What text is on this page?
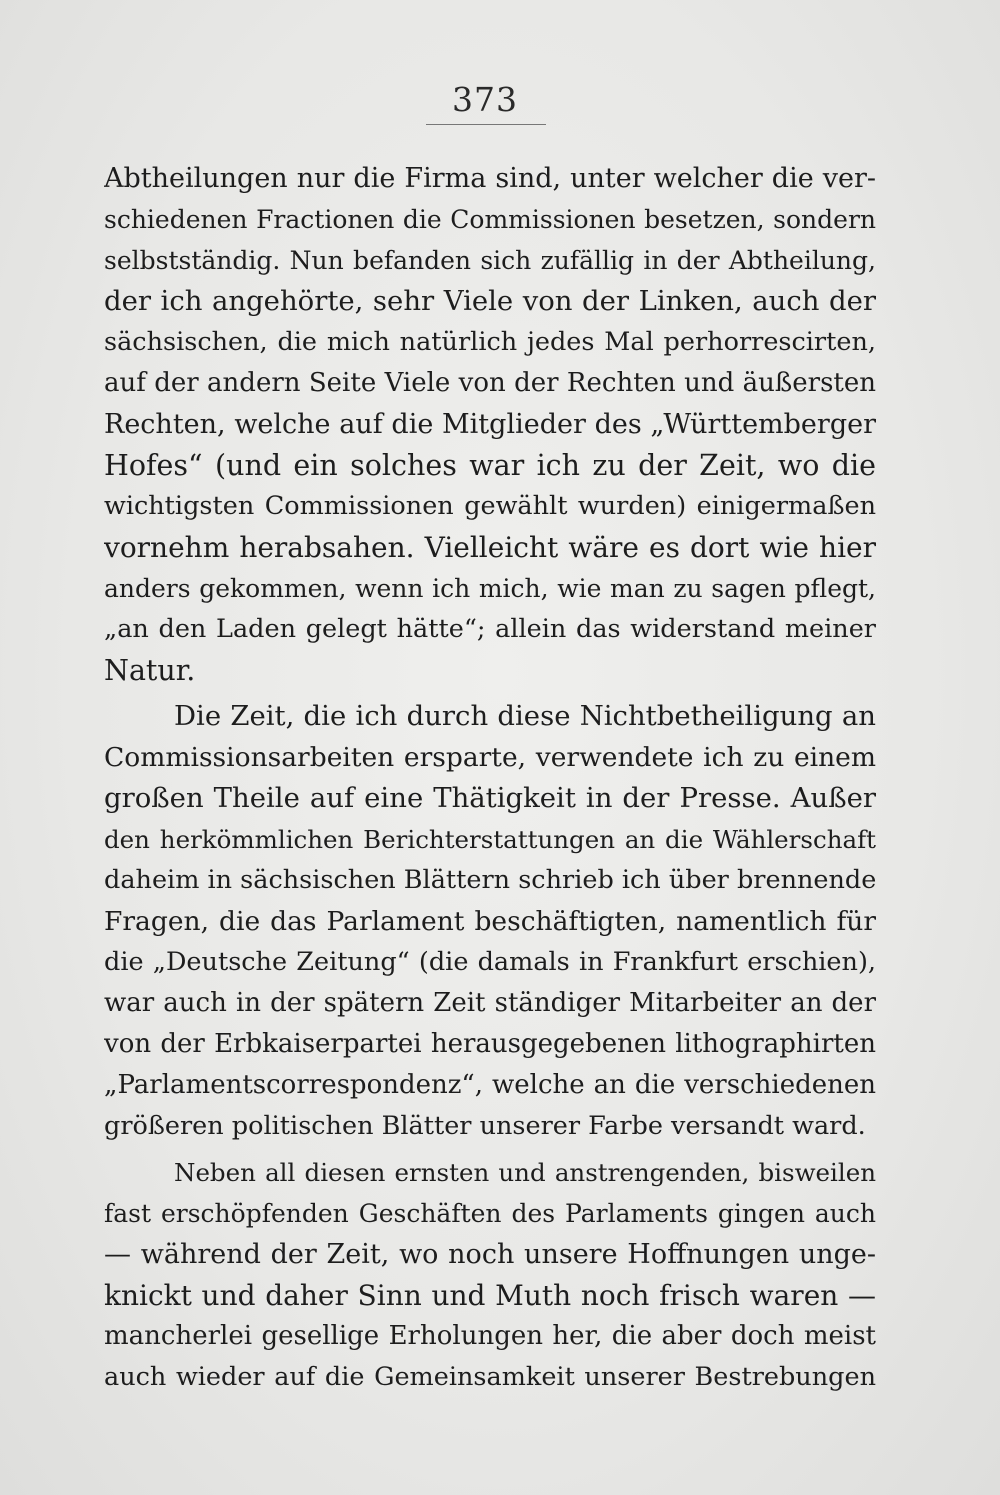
373
Abtheilungen nur die Firma sind, unter welcher die ver-
schiedenen Fractionen die Commissionen besetzen, sondern
selbstständig. Nun befanden sich zufällig in der Abtheilung,
der ich angehörte, sehr Viele von der Linken, auch der
sächsischen, die mich natürlich jedes Mal perhorrescirten,
auf der andern Seite Viele von der Rechten und äußersten
Rechten, welche auf die Mitglieder des „Württemberger
Hofes“ (und ein solches war ich zu der Zeit, wo die
wichtigsten Commissionen gewählt wurden) einigermaßen
vornehm herabsahen. Vielleicht wäre es dort wie hier
anders gekommen, wenn ich mich, wie man zu sagen pflegt,
„an den Laden gelegt hätte“; allein das widerstand meiner
Natur.
Die Zeit, die ich durch diese Nichtbetheiligung an
Commissionsarbeiten ersparte, verwendete ich zu einem
großen Theile auf eine Thätigkeit in der Presse. Außer
den herkömmlichen Berichterstattungen an die Wählerschaft
daheim in sächsischen Blättern schrieb ich über brennende
Fragen, die das Parlament beschäftigten, namentlich für
die „Deutsche Zeitung“ (die damals in Frankfurt erschien),
war auch in der spätern Zeit ständiger Mitarbeiter an der
von der Erbkaiserpartei herausgegebenen lithographirten
„Parlamentscorrespondenz“, welche an die verschiedenen
größeren politischen Blätter unserer Farbe versandt ward.
Neben all diesen ernsten und anstrengenden, bisweilen
fast erschöpfenden Geschäften des Parlaments gingen auch
— während der Zeit, wo noch unsere Hoffnungen unge-
knickt und daher Sinn und Muth noch frisch waren —
mancherlei gesellige Erholungen her, die aber doch meist
auch wieder auf die Gemeinsamkeit unserer Bestrebungen
